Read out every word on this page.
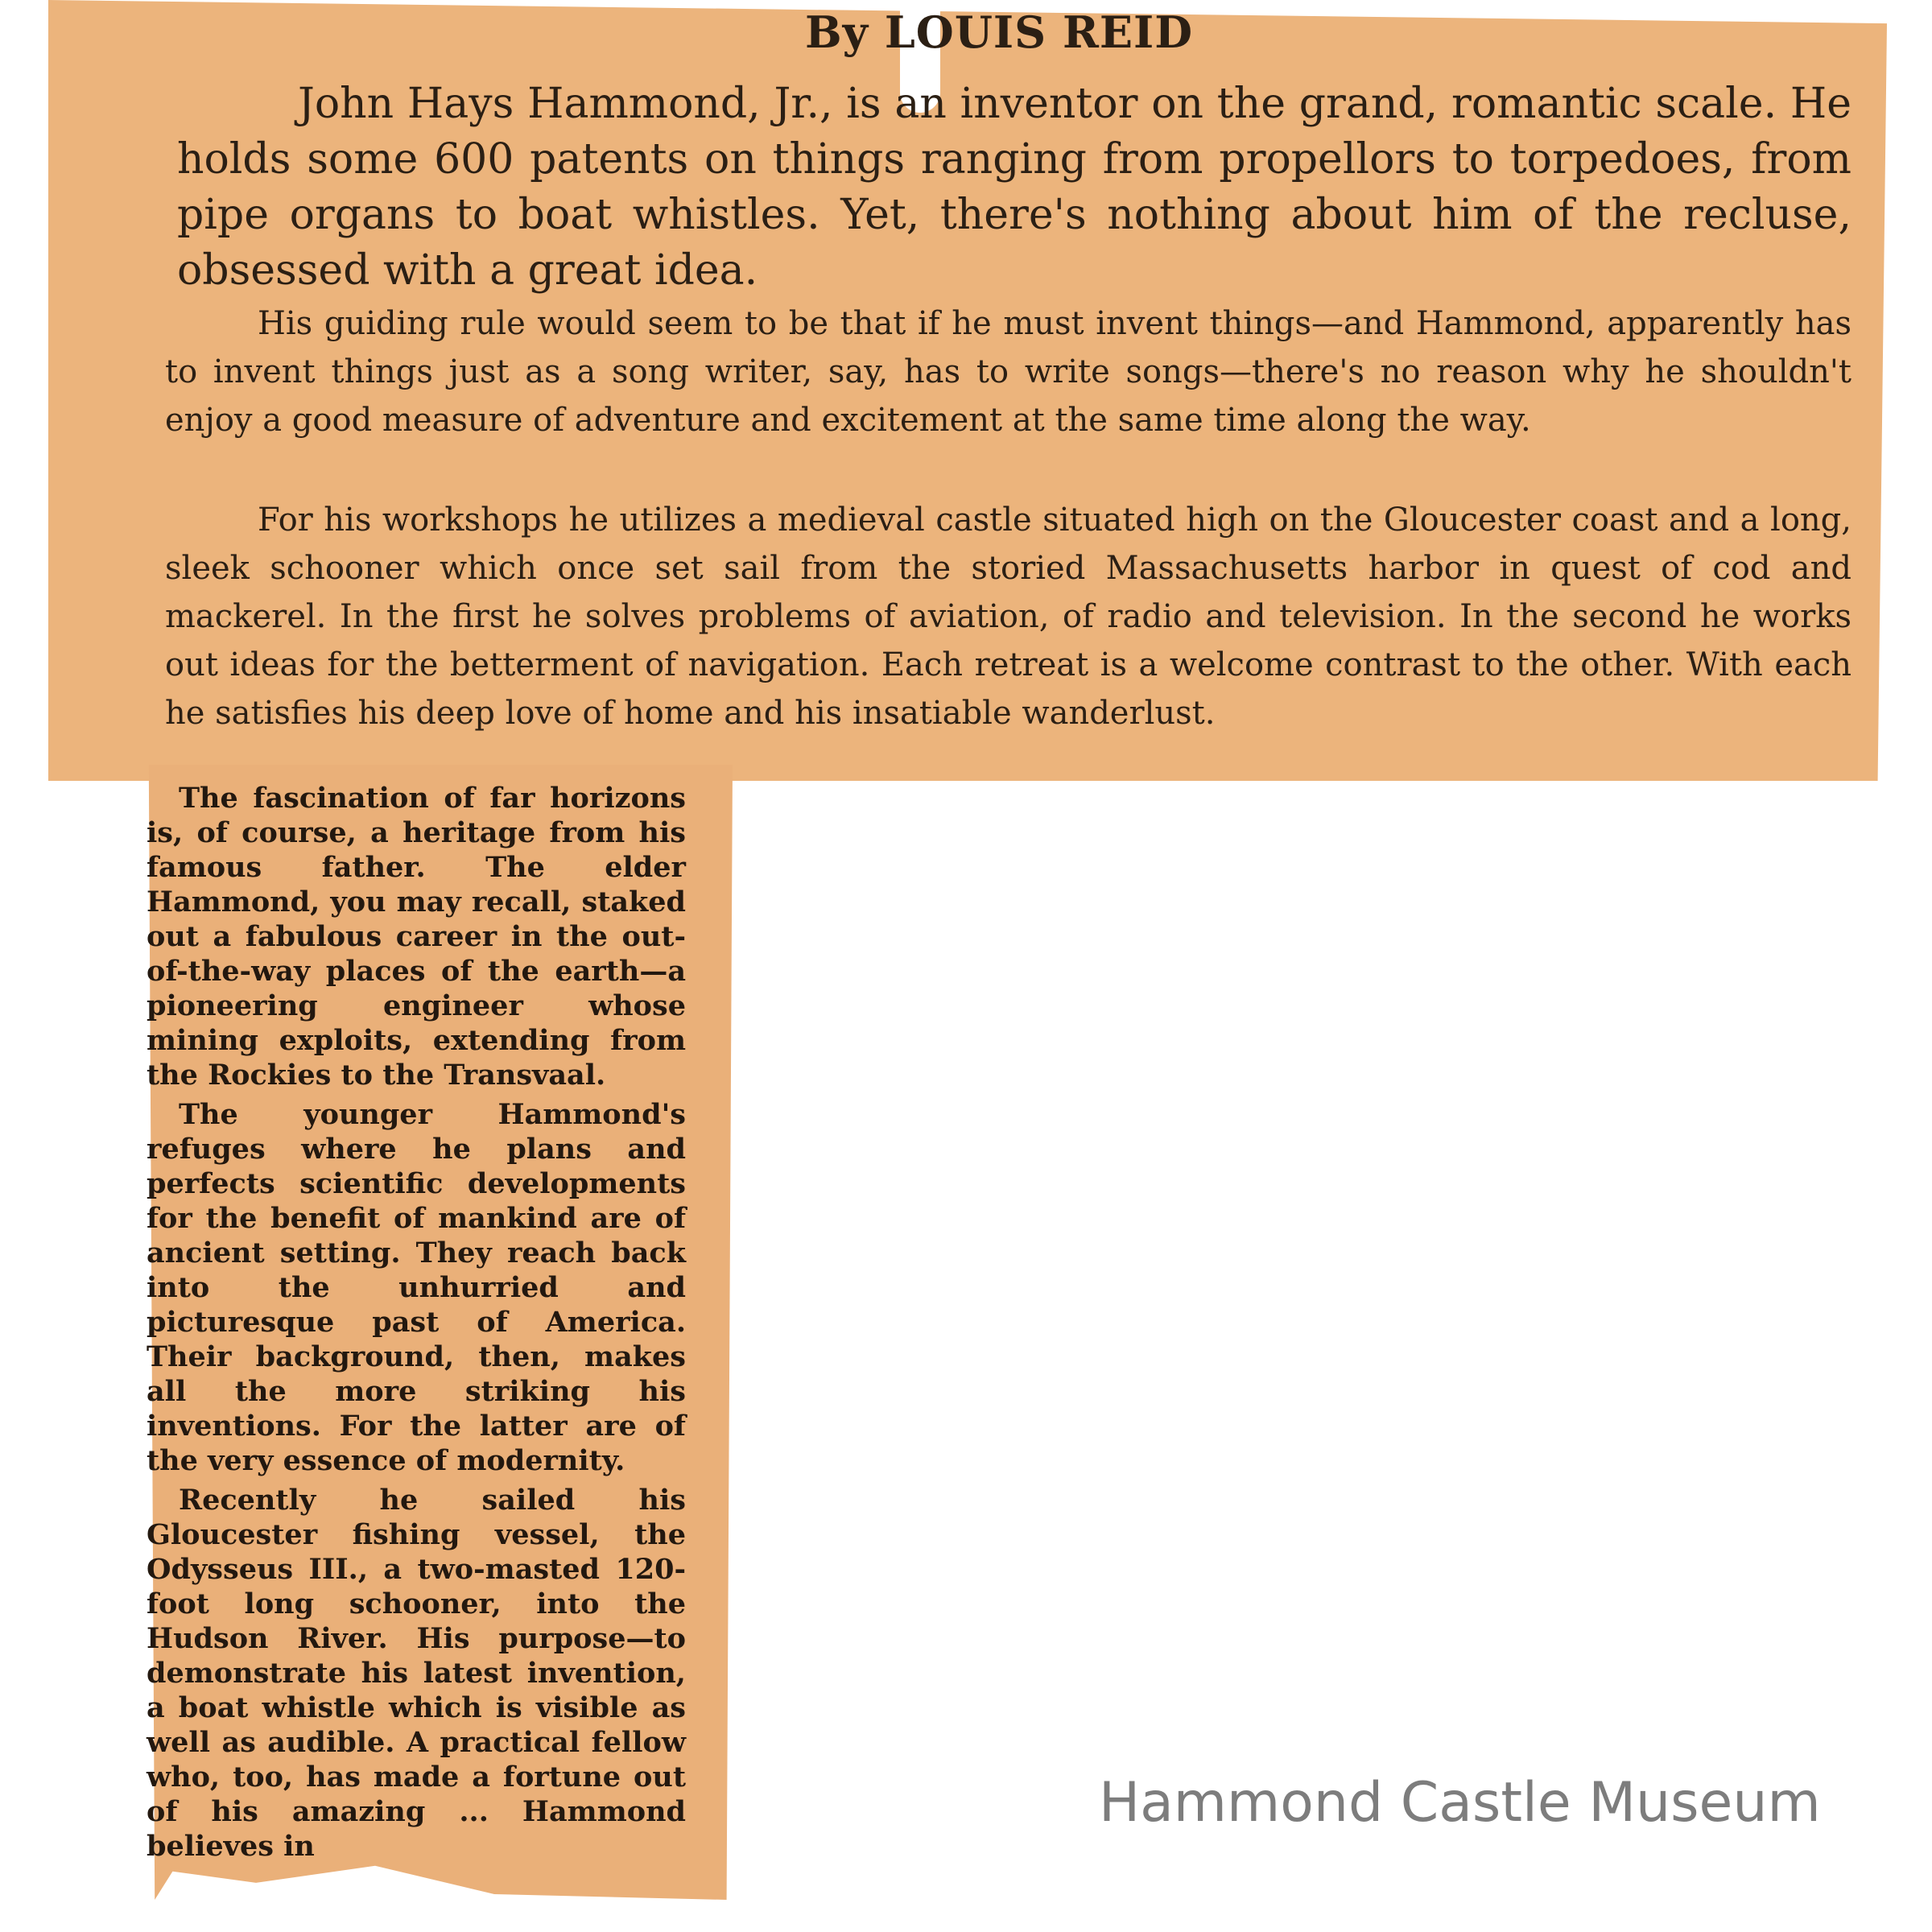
By LOUIS REID
John Hays Hammond, Jr., is an inventor on the grand, romantic scale. He holds some 600 patents on things ranging from propellors to torpedoes, from pipe organs to boat whistles. Yet, there's nothing about him of the recluse, obsessed with a great idea.

His guiding rule would seem to be that if he must invent things—and Hammond, apparently has to invent things just as a song writer, say, has to write songs—there's no reason why he shouldn't enjoy a good measure of adventure and excitement at the same time along the way.

For his workshops he utilizes a medieval castle situated high on the Gloucester coast and a long, sleek schooner which once set sail from the storied Massachusetts harbor in quest of cod and mackerel. In the first he solves problems of aviation, of radio and television. In the second he works out ideas for the betterment of navigation. Each retreat is a welcome contrast to the other. With each he satisfies his deep love of home and his insatiable wanderlust.

The fascination of far horizons is, of course, a heritage from his famous father. The elder Hammond, you may recall, staked out a fabulous career in the out-of-the-way places of the earth—a pioneering engineer whose mining exploits, extending from the Rockies to the Transvaal.

The younger Hammond's refuges where he plans and perfects scientific developments for the benefit of mankind are of ancient setting. They reach back into the unhurried and picturesque past of America. Their background, then, makes all the more striking his inventions. For the latter are of the very essence of modernity.

Recently he sailed his Gloucester fishing vessel, the Odysseus III., a two-masted 120-foot long schooner, into the Hudson River. His purpose—to demonstrate his latest invention, a boat whistle which is visible as well as audible. A practical fellow who, too, has made a fortune out of his amazing ... Hammond believes in

Hammond Castle Museum
